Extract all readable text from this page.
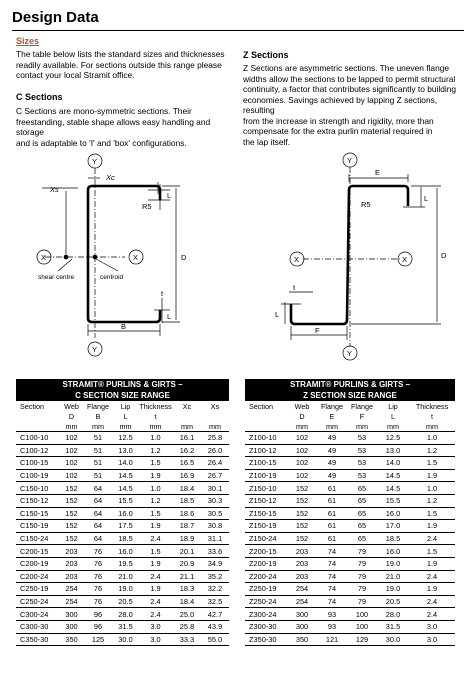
Design Data
Sizes
The table below lists the standard sizes and thicknesses
readily available. For sections outside this range please
contact your local Stramit office.
C Sections
C Sections are mono-symmetric sections. Their
freestanding, stable shape allows easy handling and storage
and is adaptable to 'I' and 'box' configurations.
Z Sections
Z Sections are asymmetric sections. The uneven flange
widths allow the sections to be lapped to permit structural
continuity, a factor that contributes significantly to building
economies. Savings achieved by lapping Z sections, resulting
from the increase in strength and rigidity, more than
compensate for the extra purlin material required in
the lap itself.
Y
Y
X	X
Xc
Xs
R5
L
L
D
t
B
shear centre	centroid
Y
Y
X	X
E
R5
L
L
D
t
F
STRAMIT® PURLINS & GIRTS –						
C SECTION SIZE RANGE						
Section	Web	Flange	Lip	Thickness	Xc	Xs
	D	B	L	t		
	mm	mm	mm	mm	mm	mm
C100-10	102	51	12.5	1.0	16.1	25.8
C100-12	102	51	13.0	1.2	16.2	26.0
C100-15	102	51	14.0	1.5	16.5	26.4
C100-19	102	51	14.5	1.9	16.9	26.7
C150-10	152	64	14.5	1.0	18.4	30.1
C150-12	152	64	15.5	1.2	18.5	30.3
C150-15	152	64	16.0	1.5	18.6	30.5
C150-19	152	64	17.5	1.9	18.7	30.8
C150-24	152	64	18.5	2.4	18.9	31.1
C200-15	203	76	16.0	1.5	20.1	33.6
C200-19	203	76	19.5	1.9	20.9	34.9
C200-24	203	76	21.0	2.4	21.1	35.2
C250-19	254	76	19.0	1.9	18.3	32.2
C250-24	254	76	20.5	2.4	18.4	32.5
C300-24	300	96	28.0	2.4	25.0	42.7
C300-30	300	96	31.5	3.0	25.8	43.9
C350-30	350	125	30.0	3.0	33.3	55.0
STRAMIT® PURLINS & GIRTS –					
Z SECTION SIZE RANGE					
Section	Web	Flange	Flange	Lip	Thickness
	D	E	F	L	t
	mm	mm	mm	mm	mm
Z100-10	102	49	53	12.5	1.0
Z100-12	102	49	53	13.0	1.2
Z100-15	102	49	53	14.0	1.5
Z100-19	102	49	53	14.5	1.9
Z150-10	152	61	65	14.5	1.0
Z150-12	152	61	65	15.5	1.2
Z150-15	152	61	65	16.0	1.5
Z150-19	152	61	65	17.0	1.9
Z150-24	152	61	65	18.5	2.4
Z200-15	203	74	79	16.0	1.5
Z200-19	203	74	79	19.0	1.9
Z200-24	203	74	79	21.0	2.4
Z250-19	254	74	79	19.0	1.9
Z250-24	254	74	79	20.5	2.4
Z300-24	300	93	100	28.0	2.4
Z300-30	300	93	100	31.5	3.0
Z350-30	350	121	129	30.0	3.0
